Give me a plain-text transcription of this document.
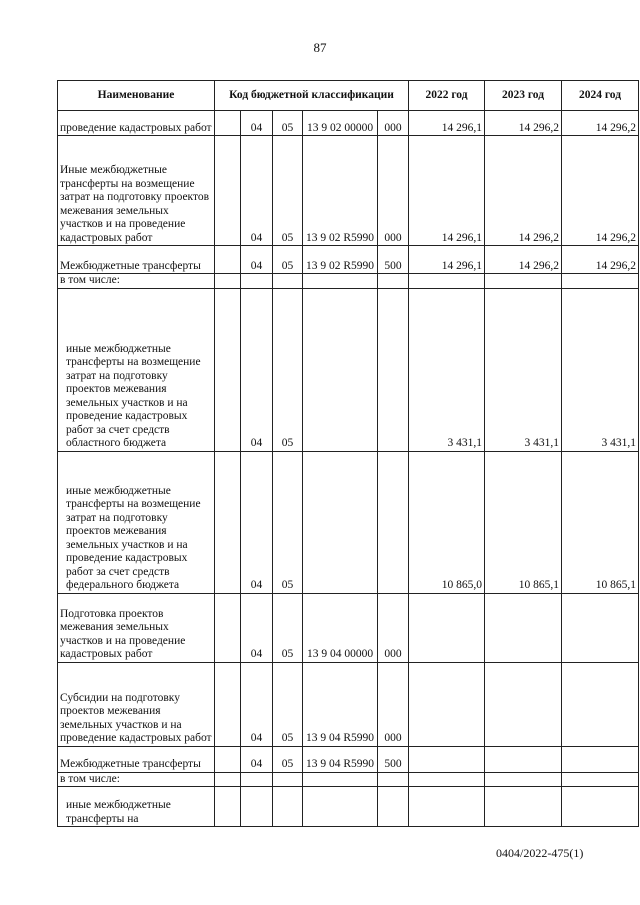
87
Наименование	Код бюджетной классификации					2022 год	2023 год	2024 год
проведение кадастровых работ		04	05	13 9 02 00000	000	14 296,1	14 296,2	14 296,2
Иные межбюджетные трансферты на возмещение затрат на подготовку проектов межевания земельных участков и на проведение кадастровых работ		04	05	13 9 02 R5990	000	14 296,1	14 296,2	14 296,2
Межбюджетные трансферты		04	05	13 9 02 R5990	500	14 296,1	14 296,2	14 296,2
в том числе:								
иные межбюджетные трансферты на возмещение затрат на подготовку проектов межевания земельных участков и на проведение кадастровых работ за счет средств областного бюджета		04	05			3 431,1	3 431,1	3 431,1
иные межбюджетные трансферты на возмещение затрат на подготовку проектов межевания земельных участков и на проведение кадастровых работ за счет средств федерального бюджета		04	05			10 865,0	10 865,1	10 865,1
Подготовка проектов межевания земельных участков и на проведение кадастровых работ		04	05	13 9 04 00000	000			
Субсидии на подготовку проектов межевания земельных участков и на проведение кадастровых работ		04	05	13 9 04 R5990	000			
Межбюджетные трансферты		04	05	13 9 04 R5990	500			
в том числе:								
иные межбюджетные трансферты на								
0404/2022-475(1)
